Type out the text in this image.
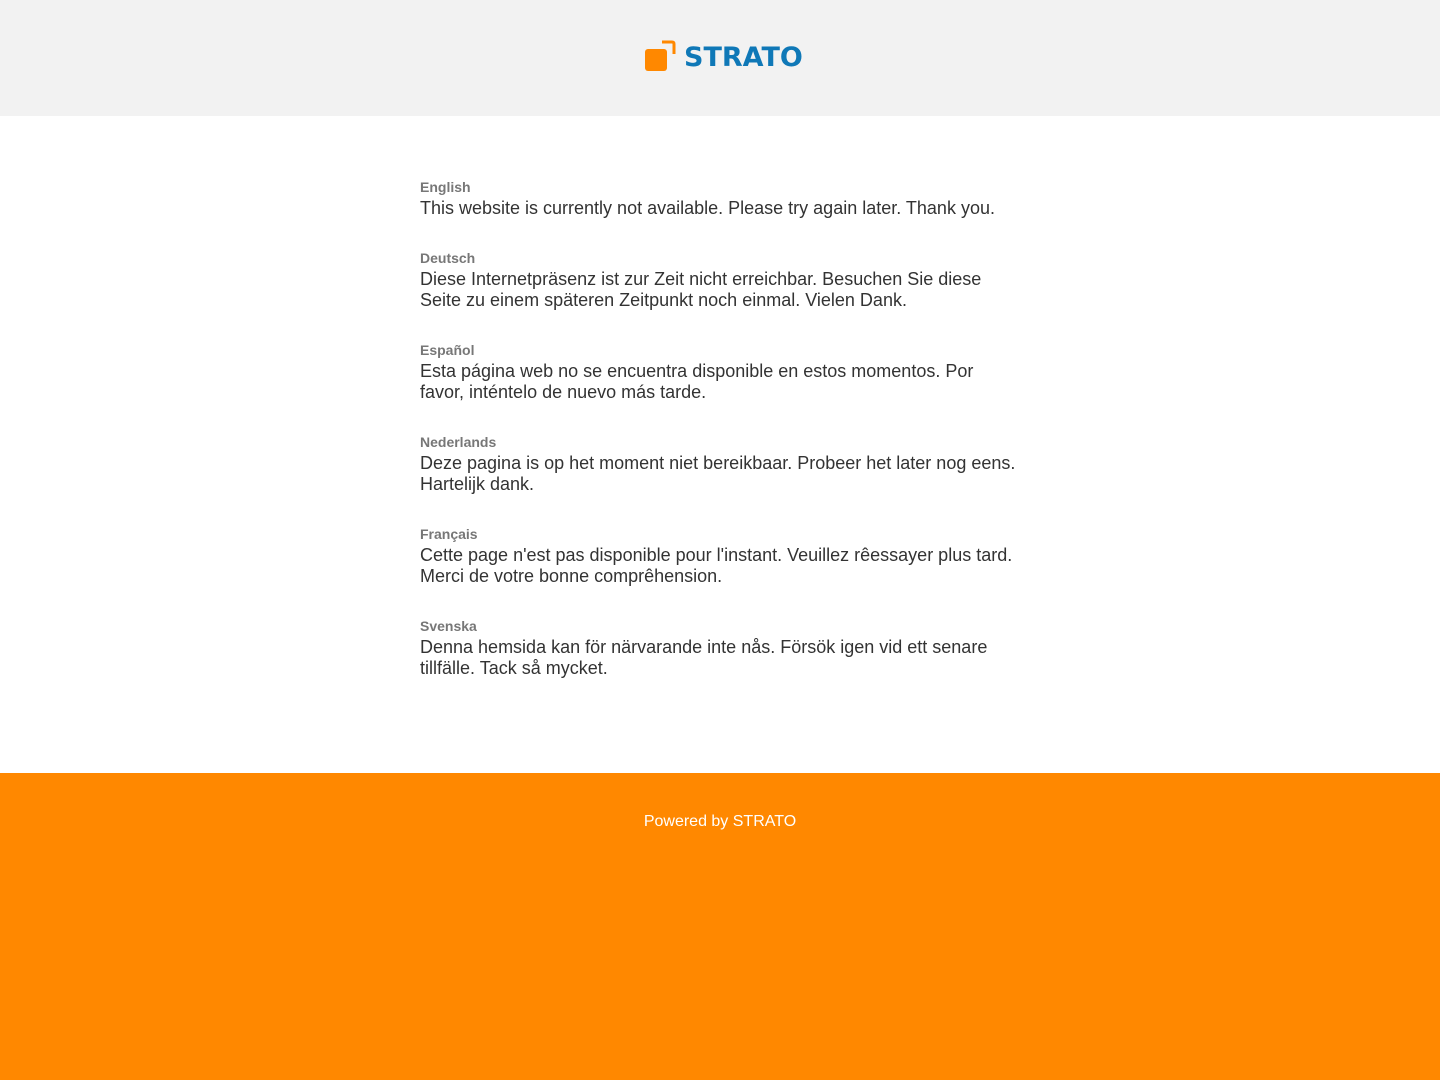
STRATO
English

This website is currently not available. Please try again later. Thank you.

Deutsch

Diese Internetpräsenz ist zur Zeit nicht erreichbar. Besuchen Sie diese Seite zu einem späteren Zeitpunkt noch einmal. Vielen Dank.

Español

Esta página web no se encuentra disponible en estos momentos. Por favor, inténtelo de nuevo más tarde.

Nederlands

Deze pagina is op het moment niet bereikbaar. Probeer het later nog eens. Hartelijk dank.

Français

Cette page n'est pas disponible pour l'instant. Veuillez rêessayer plus tard. Merci de votre bonne comprêhension.

Svenska

Denna hemsida kan för närvarande inte nås. Försök igen vid ett senare tillfälle. Tack så mycket.

Powered by STRATO
